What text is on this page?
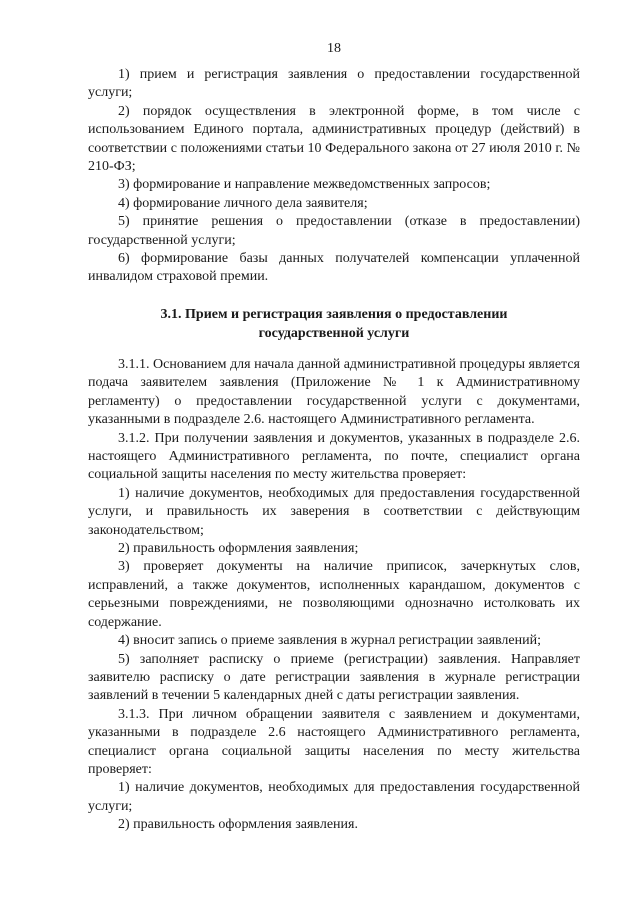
18

1) прием и регистрация заявления о предоставлении государственной услуги;

2) порядок осуществления в электронной форме, в том числе с использованием Единого портала, административных процедур (действий) в соответствии с положениями статьи 10 Федерального закона от 27 июля 2010 г. № 210-ФЗ;

3) формирование и направление межведомственных запросов;

4) формирование личного дела заявителя;

5) принятие решения о предоставлении (отказе в предоставлении) государственной услуги;

6) формирование базы данных получателей компенсации уплаченной инвалидом страховой премии.

3.1. Прием и регистрация заявления о предоставлении
государственной услуги

3.1.1. Основанием для начала данной административной процедуры является подача заявителем заявления (Приложение № 1 к Административному регламенту) о предоставлении государственной услуги с документами, указанными в подразделе 2.6. настоящего Административного регламента.

3.1.2. При получении заявления и документов, указанных в подразделе 2.6. настоящего Административного регламента, по почте, специалист органа социальной защиты населения по месту жительства проверяет:

1) наличие документов, необходимых для предоставления государственной услуги, и правильность их заверения в соответствии с действующим законодательством;

2) правильность оформления заявления;

3) проверяет документы на наличие приписок, зачеркнутых слов, исправлений, а также документов, исполненных карандашом, документов с серьезными повреждениями, не позволяющими однозначно истолковать их содержание.

4) вносит запись о приеме заявления в журнал регистрации заявлений;

5) заполняет расписку о приеме (регистрации) заявления. Направляет заявителю расписку о дате регистрации заявления в журнале регистрации заявлений в течении 5 календарных дней с даты регистрации заявления.

3.1.3. При личном обращении заявителя с заявлением и документами, указанными в подразделе 2.6 настоящего Административного регламента, специалист органа социальной защиты населения по месту жительства проверяет:

1) наличие документов, необходимых для предоставления государственной услуги;

2) правильность оформления заявления.
